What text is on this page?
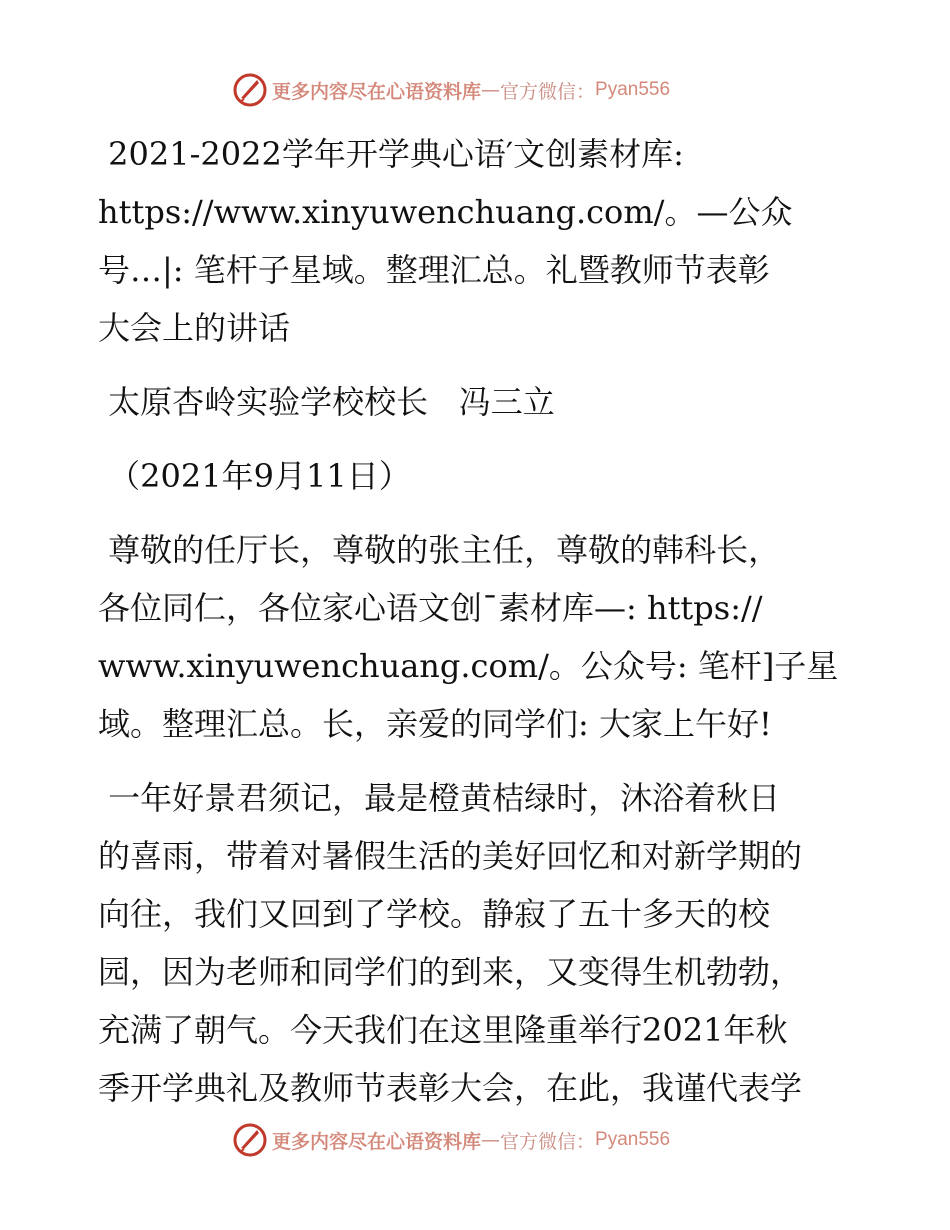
更多内容尽在心语资料库 — 官方微信： Pyan556

2021-2022学年开学典心语′文创素材库:

https://www.xinyuwenchuang.com/。—公众

号…|: 笔杆子星域。整理汇总。礼暨教师节表彰

大会上的讲话

太原杏岭实验学校校长   冯三立

（2021年9月11日）

尊敬的任厅长，尊敬的张主任，尊敬的韩科长，

各位同仁，各位家心语文创¯素材库—: https://

www.xinyuwenchuang.com/。公众号: 笔杆]子星

域。整理汇总。长，亲爱的同学们: 大家上午好!

一年好景君须记，最是橙黄桔绿时，沐浴着秋日

的喜雨，带着对暑假生活的美好回忆和对新学期的

向往，我们又回到了学校。静寂了五十多天的校

园，因为老师和同学们的到来，又变得生机勃勃，

充满了朝气。今天我们在这里隆重举行2021年秋

季开学典礼及教师节表彰大会，在此，我谨代表学

更多内容尽在心语资料库 — 官方微信： Pyan556
